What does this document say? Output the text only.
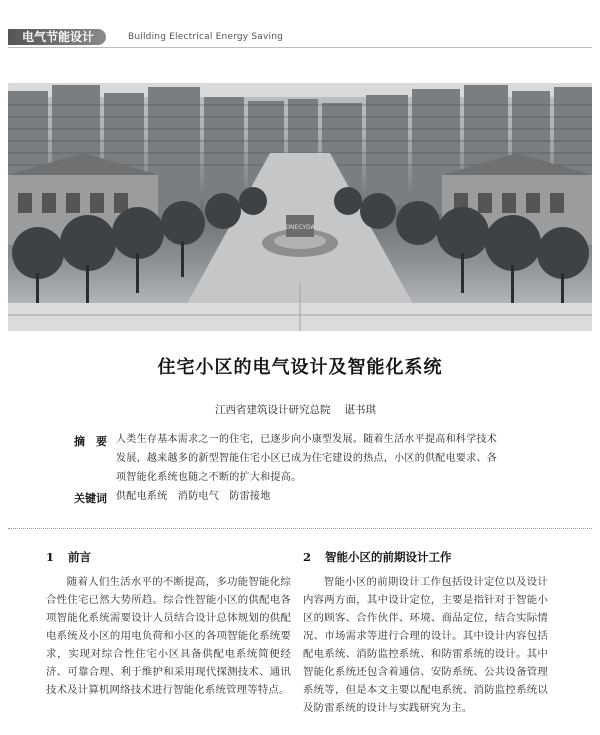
电气节能设计	Building Electrical Energy Saving
ONECYDA
住宅小区的电气设计及智能化系统
江西省建筑设计研究总院 谌书琪
摘　要 人类生存基本需求之一的住宅，已逐步向小康型发展。随着生活水平提高和科学技术发展，越来越多的新型智能住宅小区已成为住宅建设的热点，小区的供配电要求、各项智能化系统也随之不断的扩大和提高。
关键词 供配电系统　消防电气　防雷接地
1 前言
随着人们生活水平的不断提高，多功能智能化综合性住宅已然大势所趋。综合性智能小区的供配电各项智能化系统需要设计人员结合设计总体规划的供配电系统及小区的用电负荷和小区的各项智能化系统要求，实现对综合性住宅小区具备供配电系统简便经济、可靠合理、利于维护和采用现代探测技术、通讯技术及计算机网络技术进行智能化系统管理等特点。
2 智能小区的前期设计工作
智能小区的前期设计工作包括设计定位以及设计内容两方面，其中设计定位，主要是指针对于智能小区的顾客、合作伙伴、环境、商品定位，结合实际情况、市场需求等进行合理的设计。其中设计内容包括配电系统、消防监控系统、和防雷系统的设计。其中智能化系统还包含着通信、安防系统、公共设备管理系统等，但是本文主要以配电系统、消防监控系统以及防雷系统的设计与实践研究为主。
